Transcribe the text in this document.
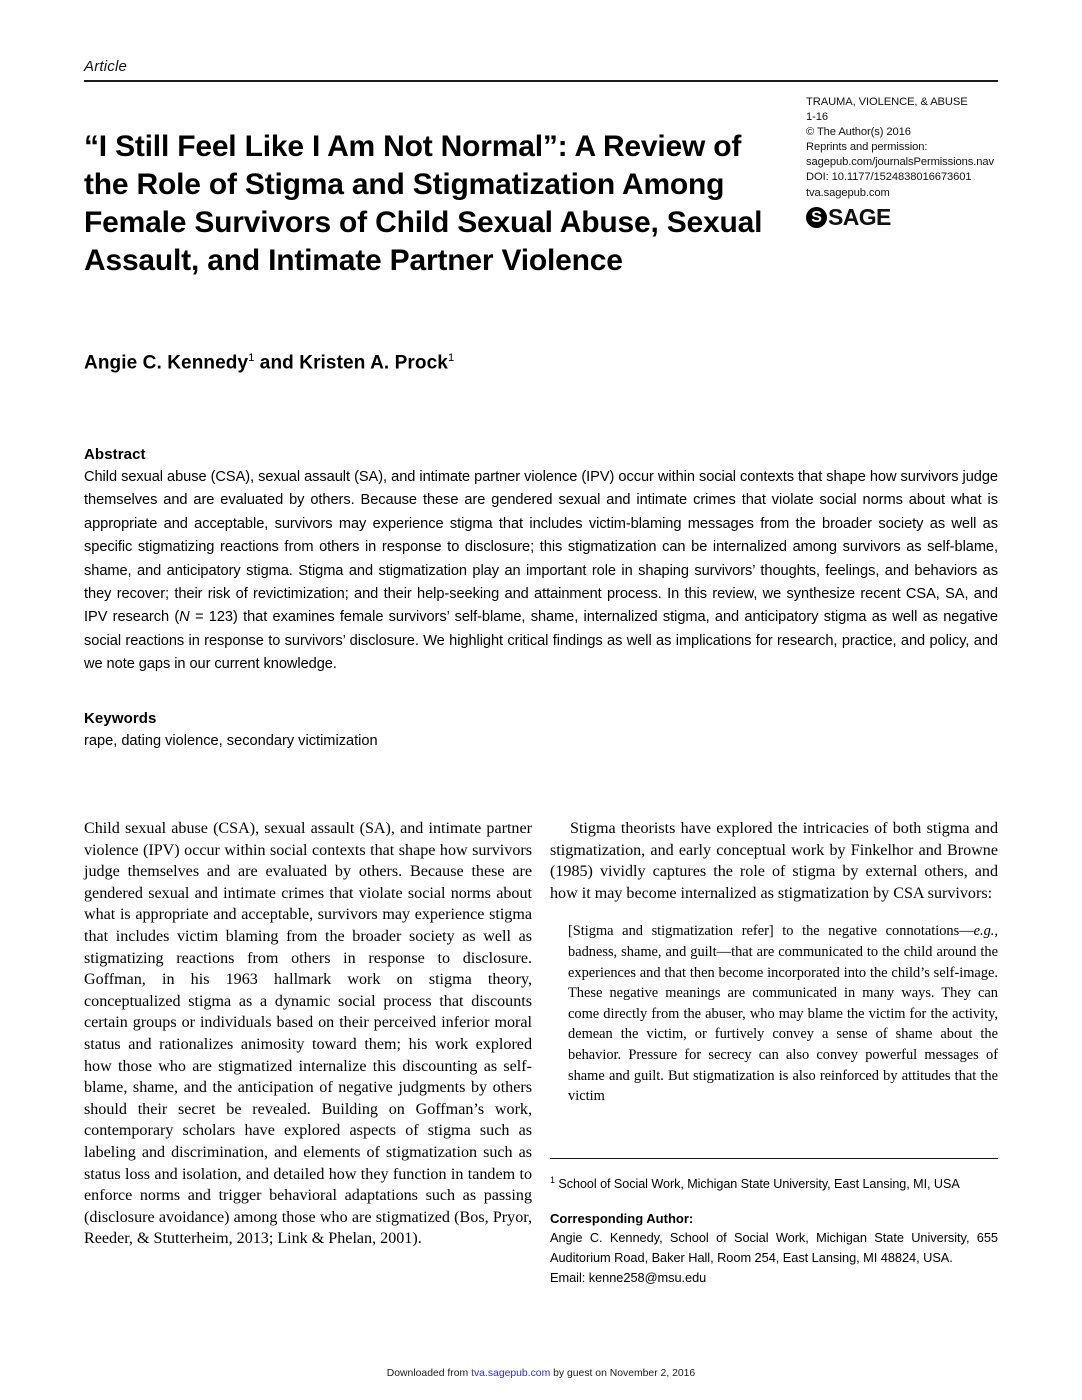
Article
TRAUMA, VIOLENCE, & ABUSE
1-16
© The Author(s) 2016
Reprints and permission:
sagepub.com/journalsPermissions.nav
DOI: 10.1177/1524838016673601
tva.sagepub.com
S SAGE
“I Still Feel Like I Am Not Normal”: A Review of the Role of Stigma and Stigmatization Among Female Survivors of Child Sexual Abuse, Sexual Assault, and Intimate Partner Violence
Angie C. Kennedy$^1$ and Kristen A. Prock$^1$
Abstract
Child sexual abuse (CSA), sexual assault (SA), and intimate partner violence (IPV) occur within social contexts that shape how survivors judge themselves and are evaluated by others. Because these are gendered sexual and intimate crimes that violate social norms about what is appropriate and acceptable, survivors may experience stigma that includes victim-blaming messages from the broader society as well as specific stigmatizing reactions from others in response to disclosure; this stigmatization can be internalized among survivors as self-blame, shame, and anticipatory stigma. Stigma and stigmatization play an important role in shaping survivors’ thoughts, feelings, and behaviors as they recover; their risk of revictimization; and their help-seeking and attainment process. In this review, we synthesize recent CSA, SA, and IPV research (N = 123) that examines female survivors’ self-blame, shame, internalized stigma, and anticipatory stigma as well as negative social reactions in response to survivors’ disclosure. We highlight critical findings as well as implications for research, practice, and policy, and we note gaps in our current knowledge.
Keywords
rape, dating violence, secondary victimization

Child sexual abuse (CSA), sexual assault (SA), and intimate partner violence (IPV) occur within social contexts that shape how survivors judge themselves and are evaluated by others. Because these are gendered sexual and intimate crimes that violate social norms about what is appropriate and acceptable, survivors may experience stigma that includes victim blaming from the broader society as well as stigmatizing reactions from others in response to disclosure. Goffman, in his 1963 hallmark work on stigma theory, conceptualized stigma as a dynamic social process that discounts certain groups or individuals based on their perceived inferior moral status and rationalizes animosity toward them; his work explored how those who are stigmatized internalize this discounting as self-blame, shame, and the anticipation of negative judgments by others should their secret be revealed. Building on Goffman’s work, contemporary scholars have explored aspects of stigma such as labeling and discrimination, and elements of stigmatization such as status loss and isolation, and detailed how they function in tandem to enforce norms and trigger behavioral adaptations such as passing (disclosure avoidance) among those who are stigmatized (Bos, Pryor, Reeder, & Stutterheim, 2013; Link & Phelan, 2001).

Stigma theorists have explored the intricacies of both stigma and stigmatization, and early conceptual work by Finkelhor and Browne (1985) vividly captures the role of stigma by external others, and how it may become internalized as stigmatization by CSA survivors:

[Stigma and stigmatization refer] to the negative connotations—e.g., badness, shame, and guilt—that are communicated to the child around the experiences and that then become incorporated into the child’s self-image. These negative meanings are communicated in many ways. They can come directly from the abuser, who may blame the victim for the activity, demean the victim, or furtively convey a sense of shame about the behavior. Pressure for secrecy can also convey powerful messages of shame and guilt. But stigmatization is also reinforced by attitudes that the victim
$^1$ School of Social Work, Michigan State University, East Lansing, MI, USA
Corresponding Author:
Angie C. Kennedy, School of Social Work, Michigan State University, 655 Auditorium Road, Baker Hall, Room 254, East Lansing, MI 48824, USA.
Email: kenne258@msu.edu
Downloaded from tva.sagepub.com by guest on November 2, 2016
